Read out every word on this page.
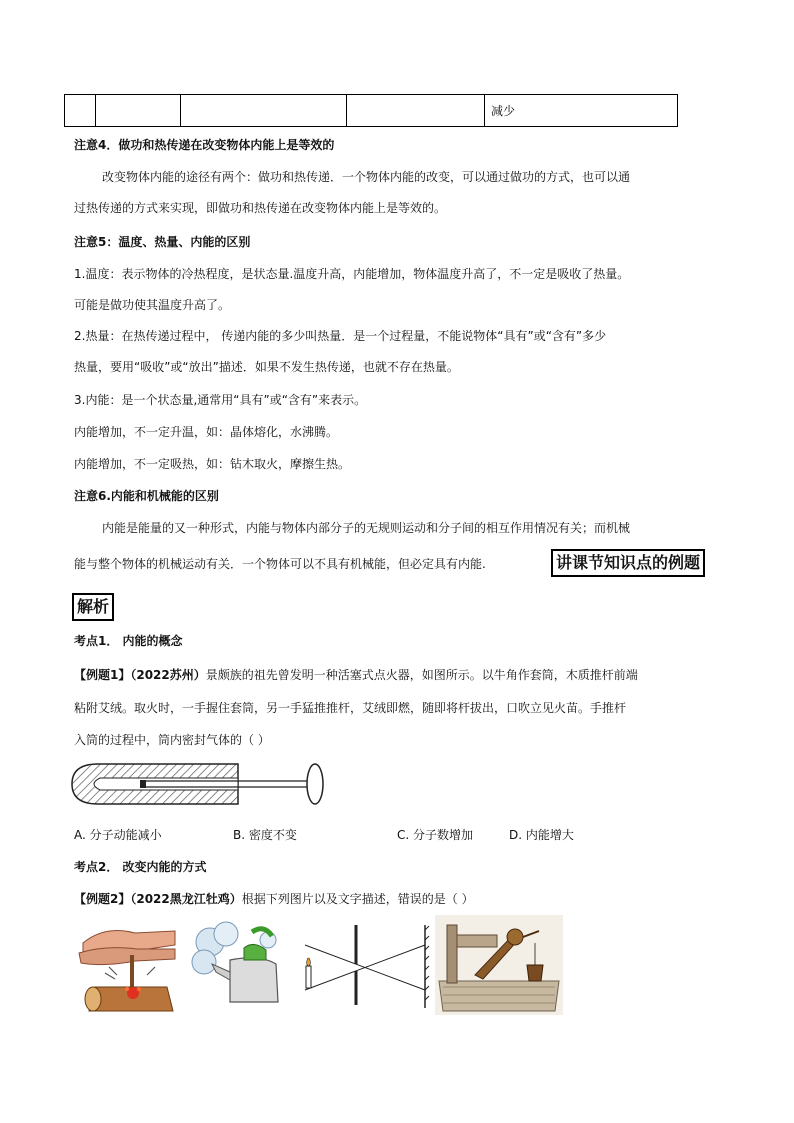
				减少
注意4．做功和热传递在改变物体内能上是等效的
改变物体内能的途径有两个：做功和热传递．一个物体内能的改变，可以通过做功的方式，也可以通
过热传递的方式来实现，即做功和热传递在改变物体内能上是等效的。
注意5：温度、热量、内能的区别
1.温度：表示物体的冷热程度，是状态量.温度升高，内能增加，物体温度升高了，不一定是吸收了热量。
可能是做功使其温度升高了。
2.热量：在热传递过程中， 传递内能的多少叫热量．是一个过程量，不能说物体“具有”或“含有”多少
热量，要用“吸收”或“放出”描述．如果不发生热传递，也就不存在热量。
3.内能：是一个状态量,通常用“具有”或“含有”来表示。
内能增加，不一定升温，如：晶体熔化，水沸腾。
内能增加，不一定吸热，如：钻木取火，摩擦生热。
注意6.内能和机械能的区别
内能是能量的又一种形式，内能与物体内部分子的无规则运动和分子间的相互作用情况有关；而机械
能与整个物体的机械运动有关．一个物体可以不具有机械能，但必定具有内能.	讲课节知识点的例题
解析
考点1． 内能的概念
【例题1】（2022苏州）景颇族的祖先曾发明一种活塞式点火器，如图所示。以牛角作套筒，木质推杆前端
粘附艾绒。取火时，一手握住套筒，另一手猛推推杆，艾绒即燃，随即将杆拔出，口吹立见火苗。手推杆
入筒的过程中，筒内密封气体的（ ）
A. 分子动能减小	B. 密度不变	C. 分子数增加	D. 内能增大
考点2． 改变内能的方式
【例题2】（2022黑龙江牡鸡）根据下列图片以及文字描述，错误的是（ ）
